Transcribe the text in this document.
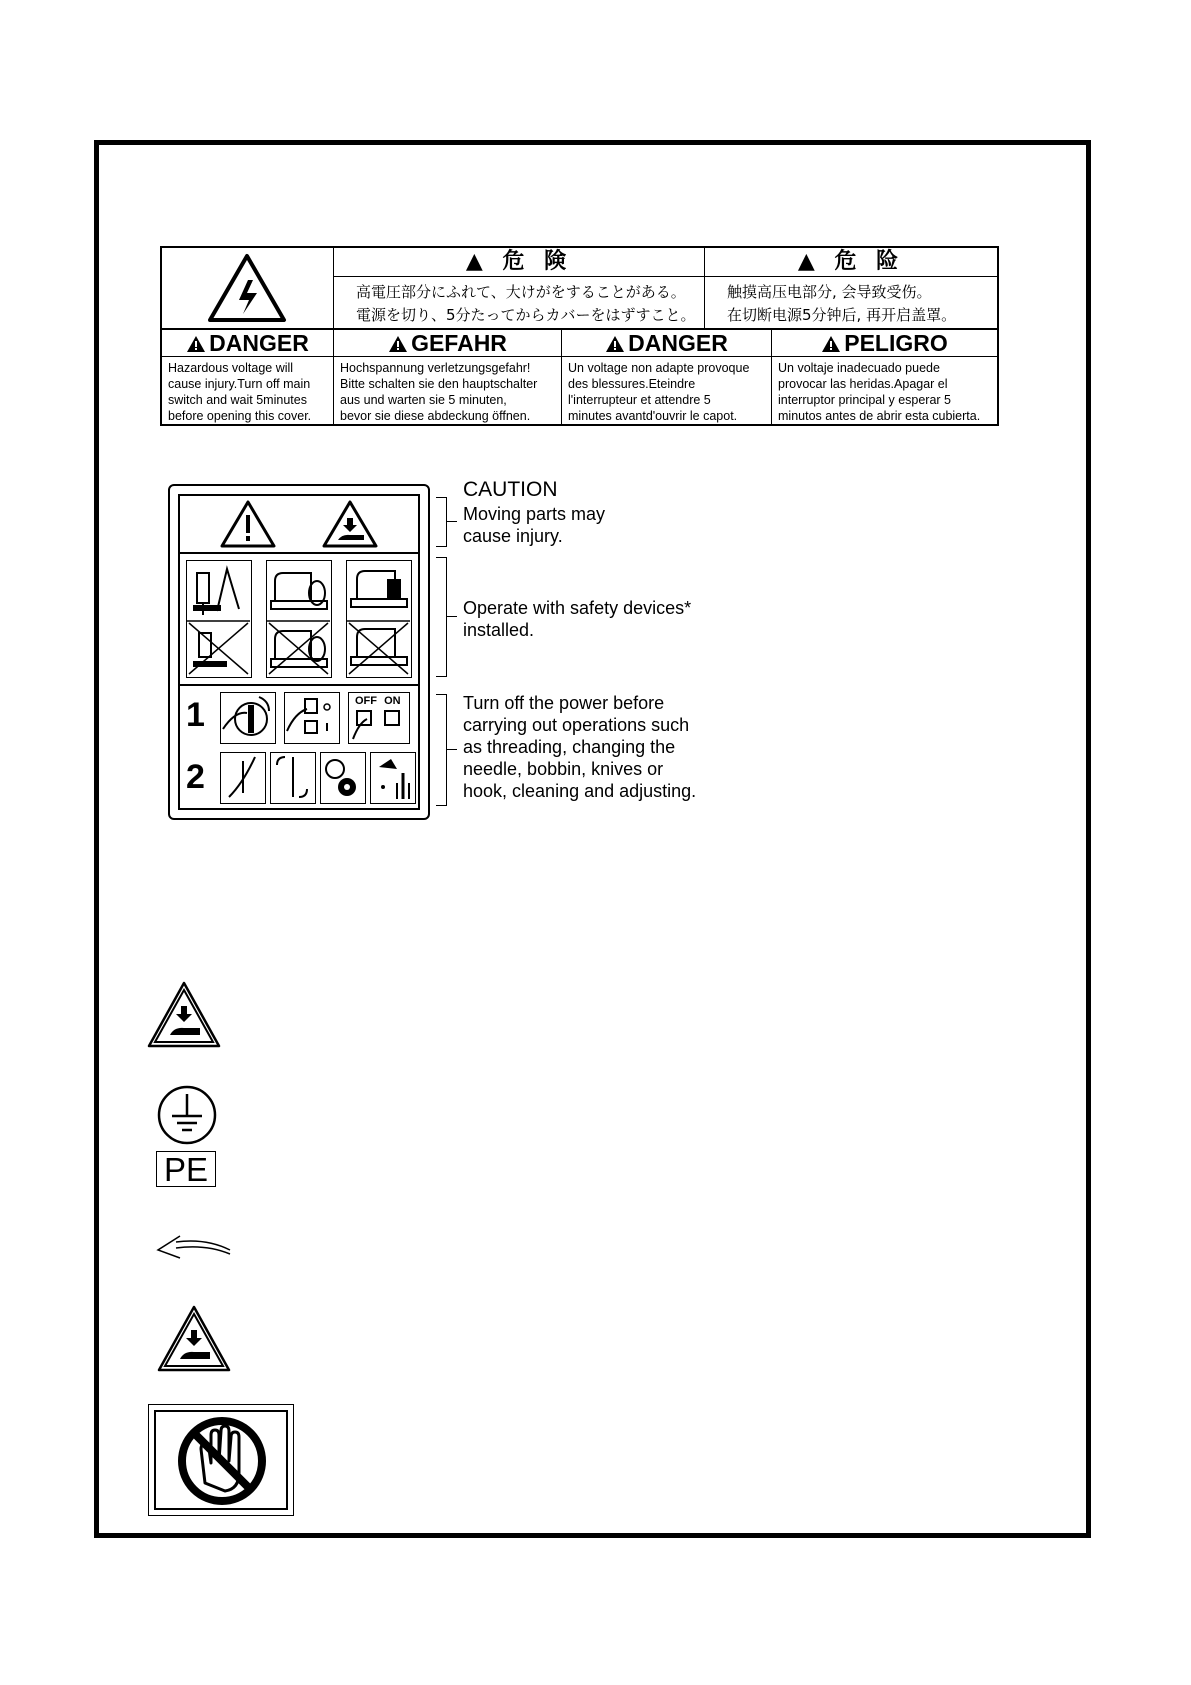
▲ 危 険
高電圧部分にふれて、大けがをすることがある。
電源を切り、5分たってからカバーをはずすこと。
▲ 危 险
触摸高压电部分, 会导致受伤。
在切断电源5分钟后, 再开启盖罩。
DANGER
Hazardous voltage will
cause injury.Turn off main
switch and wait 5minutes
before opening this cover.
GEFAHR
Hochspannung verletzungsgefahr!
Bitte schalten sie den hauptschalter
aus und warten sie 5 minuten,
bevor sie diese abdeckung öffnen.
DANGER
Un voltage non adapte provoque
des blessures.Eteindre
l'interrupteur et attendre 5
minutes avantd'ouvrir le capot.
PELIGRO
Un voltaje inadecuado puede
provocar las heridas.Apagar el
interruptor principal y esperar 5
minutos antes de abrir esta cubierta.
1	OFF ON
2
CAUTION
Moving parts may
cause injury.
Operate with safety devices*
installed.
Turn off the power before
carrying out operations such
as threading, changing the
needle, bobbin, knives or
hook, cleaning and adjusting.
PE
